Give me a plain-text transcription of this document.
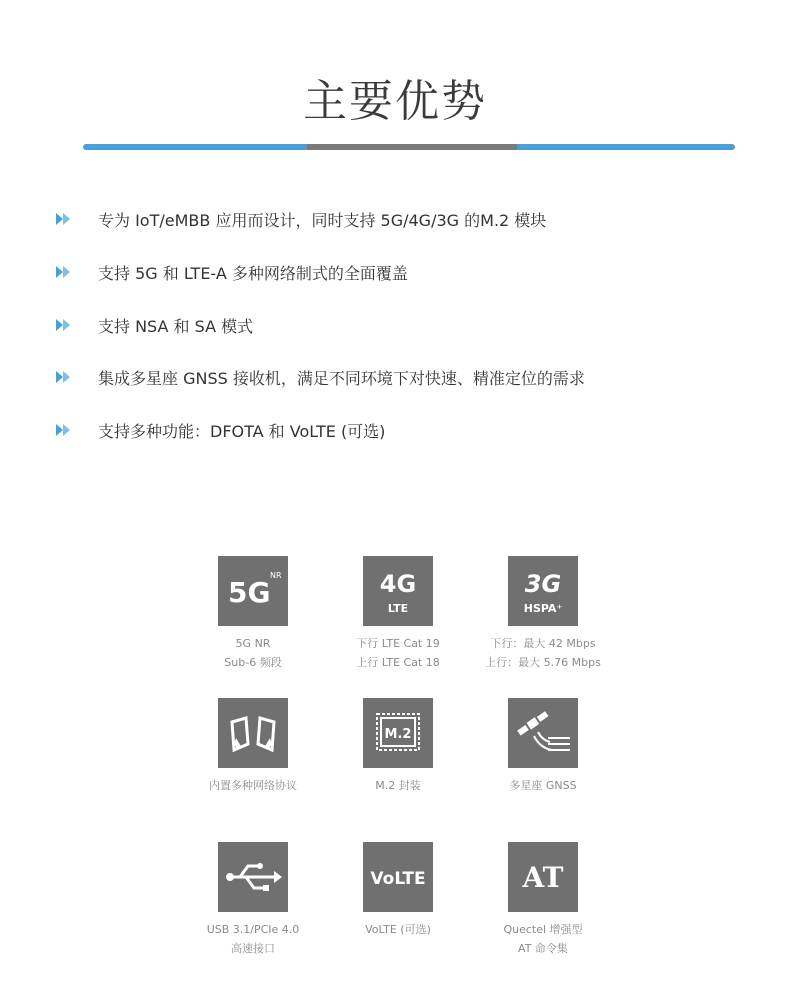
主要优势
专为 IoT/eMBB 应用而设计，同时支持 5G/4G/3G 的M.2 模块
支持 5G 和 LTE-A 多种网络制式的全面覆盖
支持 NSA 和 SA 模式
集成多星座 GNSS 接收机，满足不同环境下对快速、精准定位的需求
支持多种功能：DFOTA 和 VoLTE (可选)
5G
NR
5G NR
Sub-6 频段
4G
LTE
下行 LTE Cat 19
上行 LTE Cat 18
3G
HSPA⁺
下行：最大 42 Mbps
上行：最大 5.76 Mbps
内置多种网络协议
M.2
M.2 封装	多星座 GNSS
USB 3.1/PCIe 4.0
高速接口
VoLTE
VoLTE (可选)
AT
Quectel 增强型
AT 命令集
